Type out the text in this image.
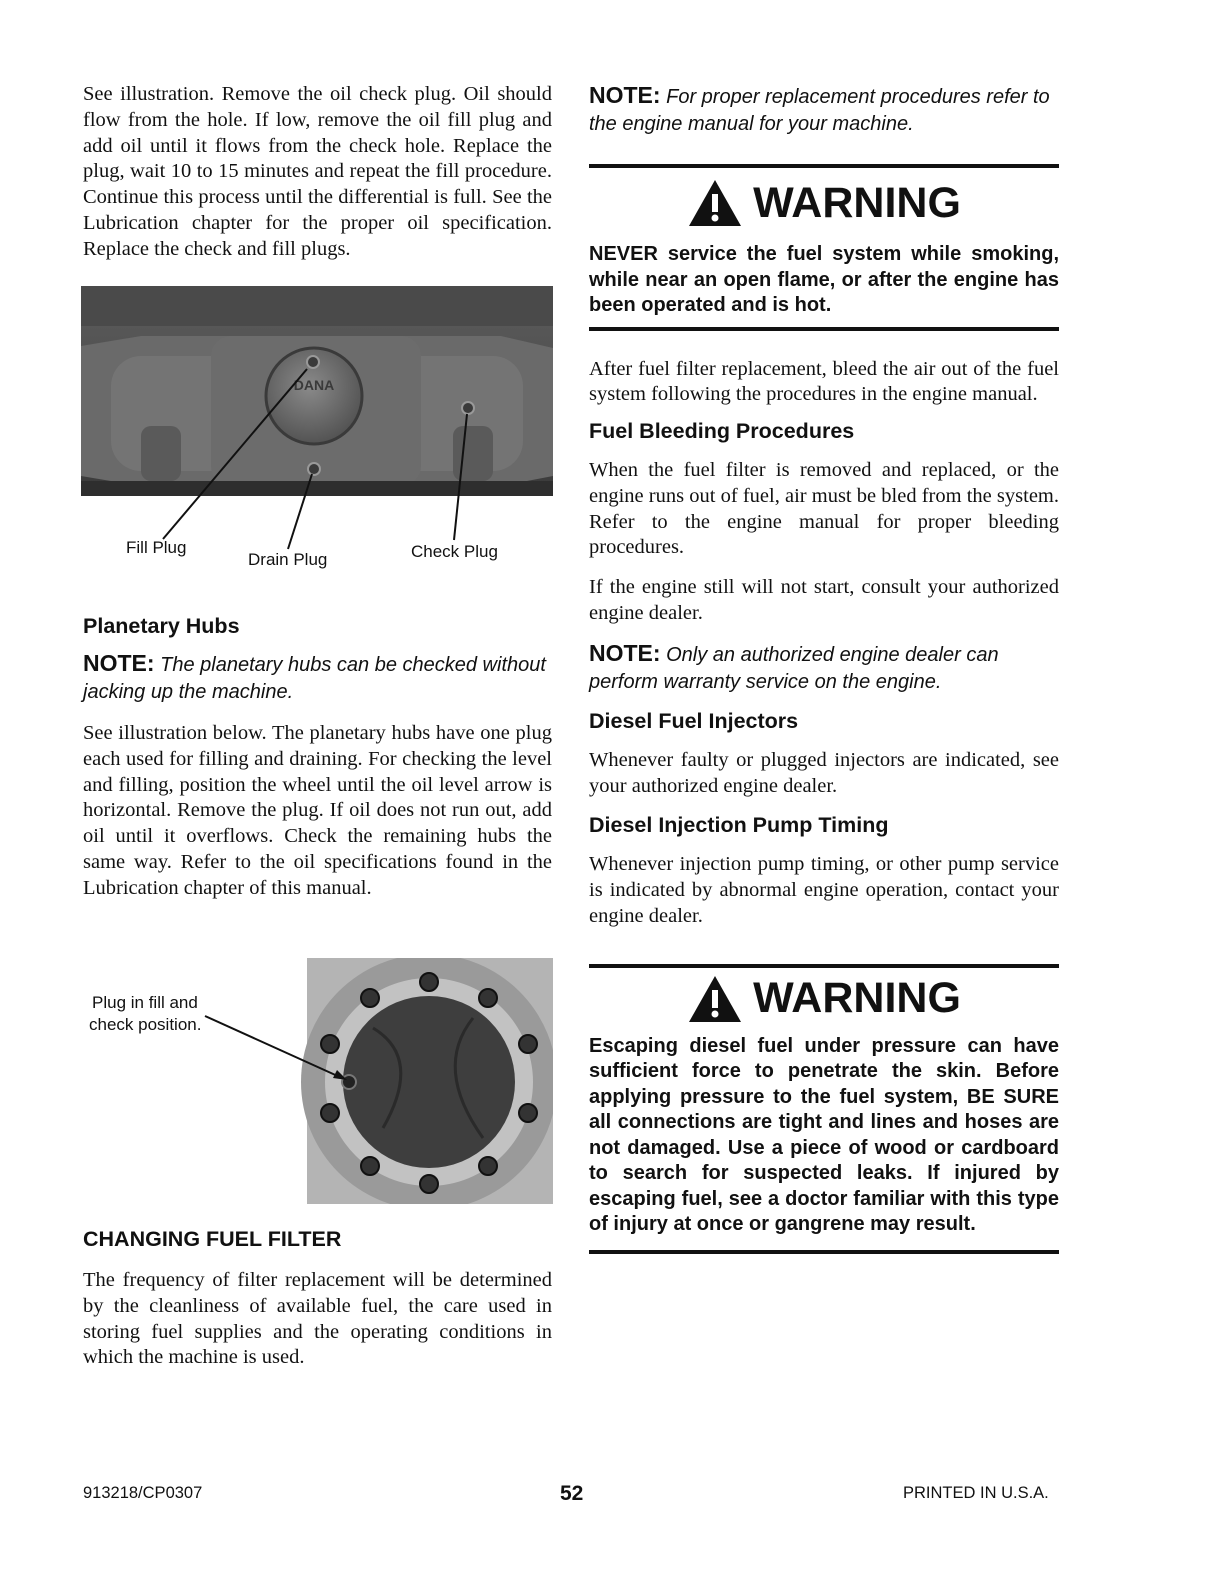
See illustration. Remove the oil check plug. Oil should flow from the hole. If low, remove the oil fill plug and add oil until it flows from the check hole. Replace the plug, wait 10 to 15 minutes and repeat the fill procedure. Continue this process until the differential is full. See the Lubrication chapter for the proper oil specification. Replace the check and fill plugs.

DANA
Fill Plug
Drain Plug	Check Plug
Planetary Hubs

NOTE: The planetary hubs can be checked without jacking up the machine.

See illustration below. The planetary hubs have one plug each used for filling and draining. For checking the level and filling, position the wheel until the oil level arrow is horizontal. Remove the plug. If oil does not run out, add oil until it overflows. Check the remaining hubs the same way. Refer to the oil specifications found in the Lubrication chapter of this manual.

Plug in fill and
check position.
CHANGING FUEL FILTER

The frequency of filter replacement will be determined by the cleanliness of available fuel, the care used in storing fuel supplies and the operating conditions in which the machine is used.

NOTE: For proper replacement procedures refer to the engine manual for your machine.

WARNING

NEVER service the fuel system while smoking, while near an open flame, or after the engine has been operated and is hot.

After fuel filter replacement, bleed the air out of the fuel system following the procedures in the engine manual.

Fuel Bleeding Procedures

When the fuel filter is removed and replaced, or the engine runs out of fuel, air must be bled from the system. Refer to the engine manual for proper bleeding procedures.

If the engine still will not start, consult your authorized engine dealer.

NOTE: Only an authorized engine dealer can perform warranty service on the engine.

Diesel Fuel Injectors

Whenever faulty or plugged injectors are indicated, see your authorized engine dealer.

Diesel Injection Pump Timing

Whenever injection pump timing, or other pump service is indicated by abnormal engine operation, contact your engine dealer.

WARNING

Escaping diesel fuel under pressure can have sufficient force to penetrate the skin. Before applying pressure to the fuel system, BE SURE all connections are tight and lines and hoses are not damaged. Use a piece of wood or cardboard to search for suspected leaks. If injured by escaping fuel, see a doctor familiar with this type of injury at once or gangrene may result.

913218/CP0307	52	PRINTED IN U.S.A.
